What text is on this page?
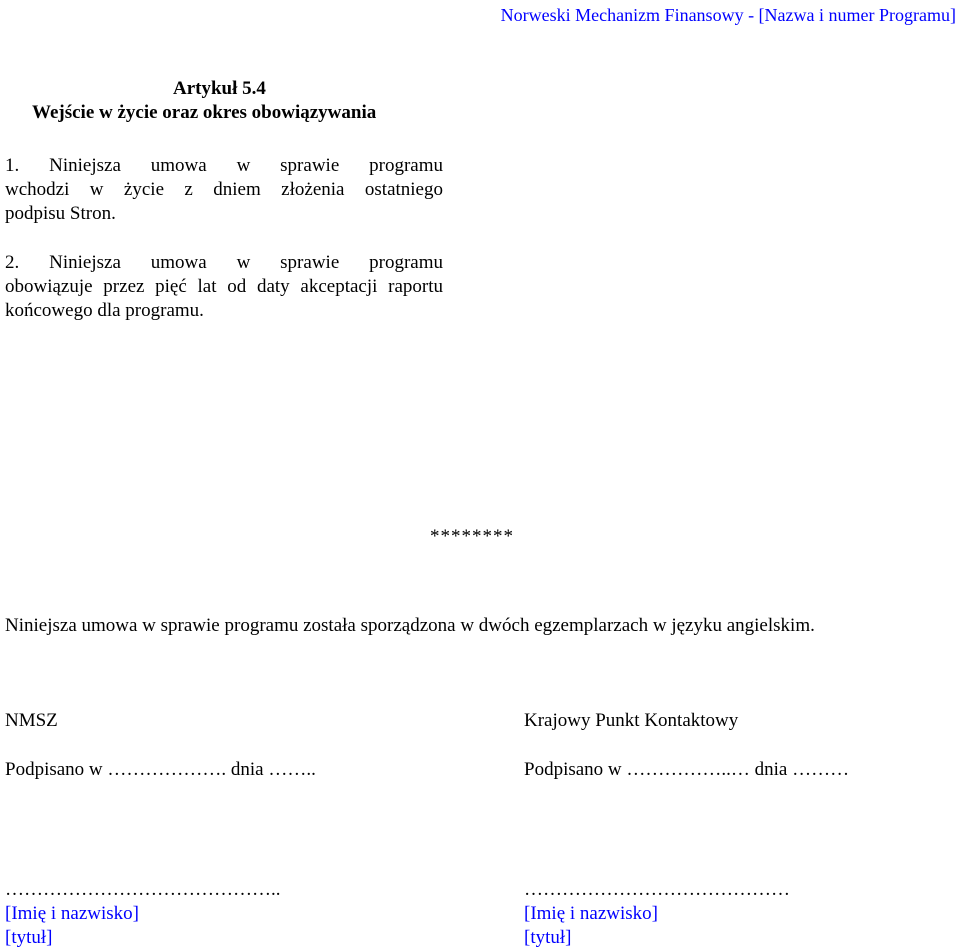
Norweski Mechanizm Finansowy - [Nazwa i numer Programu]
Artykuł 5.4
Wejście w życie oraz okres obowiązywania
1. Niniejsza umowa w sprawie programu
wchodzi w życie z dniem złożenia ostatniego
podpisu Stron.
2. Niniejsza umowa w sprawie programu
obowiązuje przez pięć lat od daty akceptacji raportu
końcowego dla programu.
********
Niniejsza umowa w sprawie programu została sporządzona w dwóch egzemplarzach w języku angielskim.
NMSZ
Podpisano w ………………. dnia ……..
……………………………………..
[Imię i nazwisko]
[tytuł]
Krajowy Punkt Kontaktowy
Podpisano w ……………..… dnia ………
……………………………………
[Imię i nazwisko]
[tytuł]
